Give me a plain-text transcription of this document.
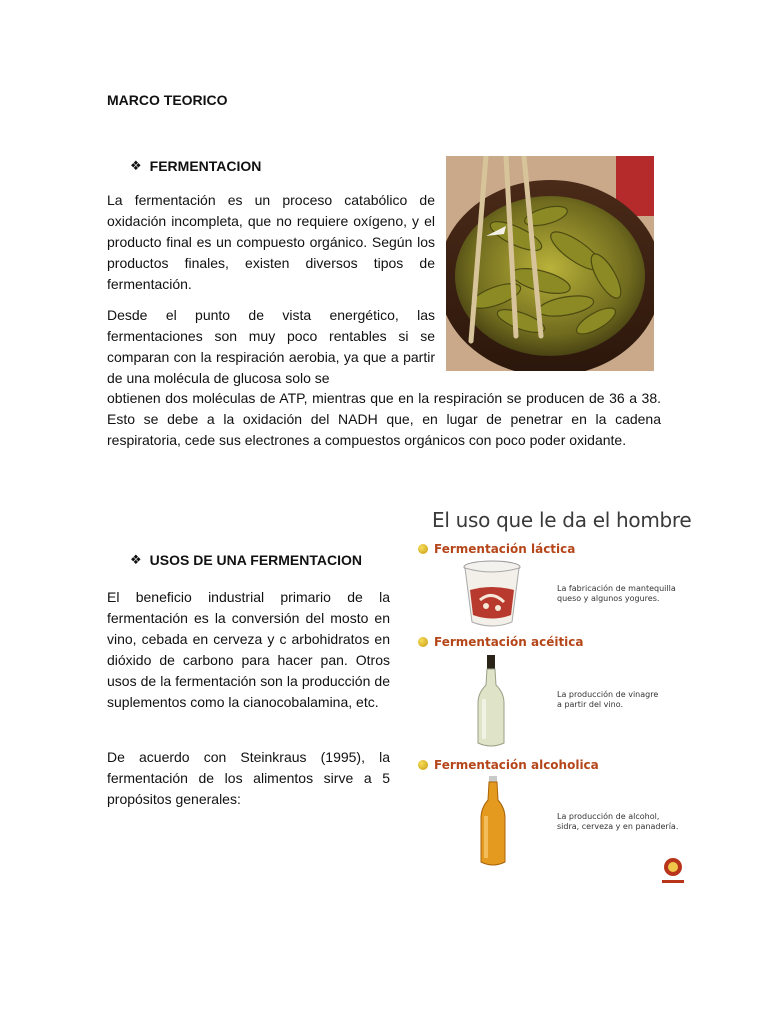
MARCO TEORICO
❖ FERMENTACION

La fermentación es un proceso catabólico de oxidación incompleta, que no requiere oxígeno, y el producto final es un compuesto orgánico. Según los productos finales, existen diversos tipos de fermentación.

Desde el punto de vista energético, las fermentaciones son muy poco rentables si se comparan con la respiración aerobia, ya que a partir de una molécula de glucosa solo se

obtienen dos moléculas de ATP, mientras que en la respiración se producen de 36 a 38. Esto se debe a la oxidación del NADH que, en lugar de penetrar en la cadena respiratoria, cede sus electrones a compuestos orgánicos con poco poder oxidante.

❖ USOS DE UNA FERMENTACION

El beneficio industrial primario de la fermentación es la conversión del mosto en vino, cebada en cerveza y c arbohidratos en dióxido de carbono para hacer pan. Otros usos de la fermentación son la producción de suplementos como la cianocobalamina, etc.

De acuerdo con Steinkraus (1995), la fermentación de los alimentos sirve a 5 propósitos generales:

El uso que le da el hombre
Fermentación láctica
La fabricación de mantequilla
queso y algunos yogures.
Fermentación acéitica
La producción de vinagre
a partir del vino.
Fermentación alcoholica
La producción de alcohol,
sidra, cerveza y en panadería.
